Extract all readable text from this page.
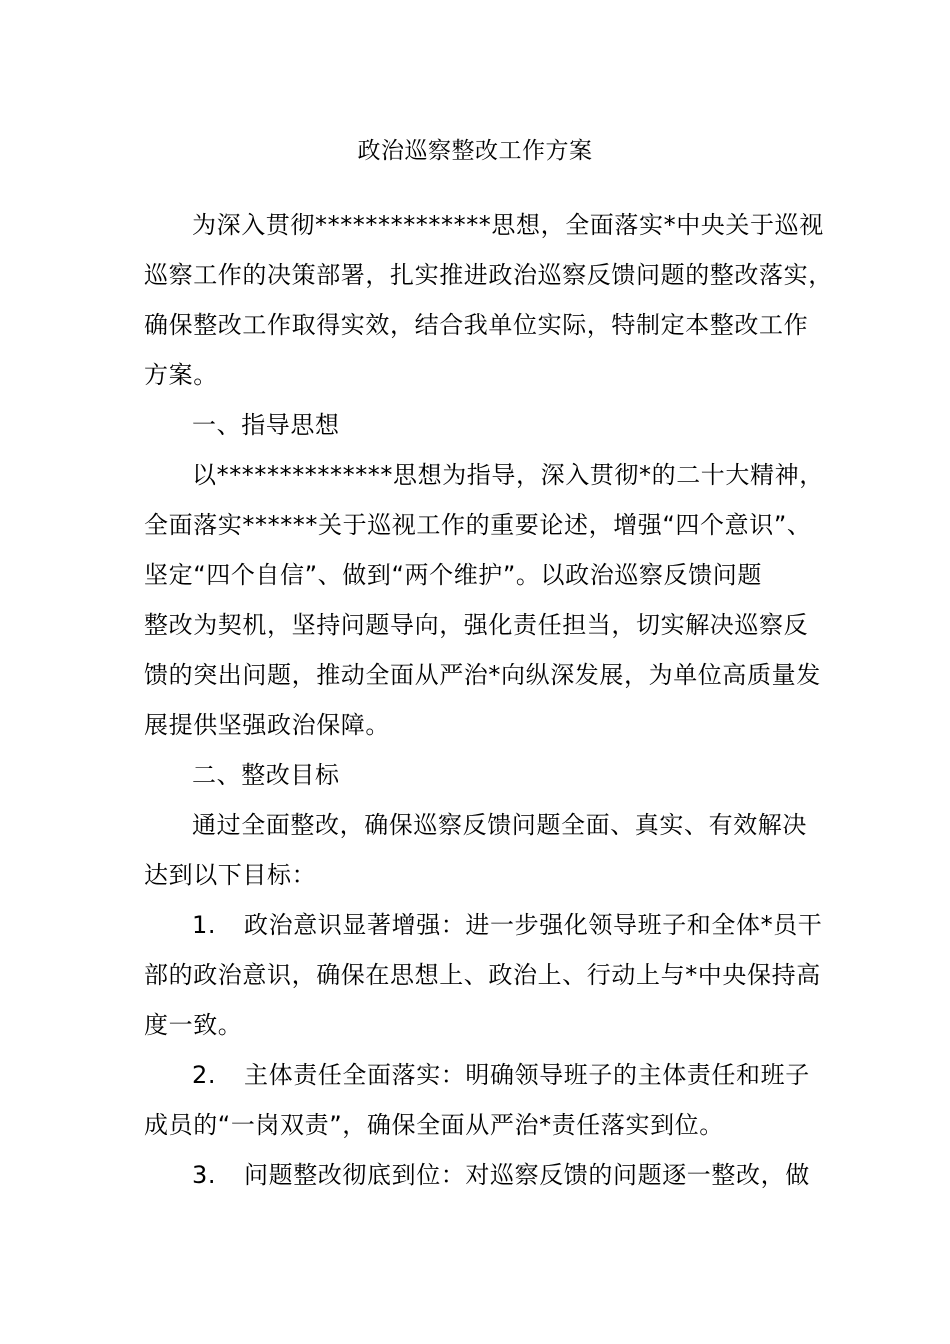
政治巡察整改工作方案
为深入贯彻**************思想，全面落实*中央关于巡视
巡察工作的决策部署，扎实推进政治巡察反馈问题的整改落实，
确保整改工作取得实效，结合我单位实际，特制定本整改工作
方案。
一、指导思想
以**************思想为指导，深入贯彻*的二十大精神，
全面落实******关于巡视工作的重要论述，增强“四个意识”、
坚定“四个自信”、做到“两个维护”。以政治巡察反馈问题
整改为契机，坚持问题导向，强化责任担当，切实解决巡察反
馈的突出问题，推动全面从严治*向纵深发展，为单位高质量发
展提供坚强政治保障。
二、整改目标
通过全面整改，确保巡察反馈问题全面、真实、有效解决
达到以下目标：
1. 政治意识显著增强：进一步强化领导班子和全体*员干
部的政治意识，确保在思想上、政治上、行动上与*中央保持高
度一致。
2. 主体责任全面落实：明确领导班子的主体责任和班子
成员的“一岗双责”，确保全面从严治*责任落实到位。
3. 问题整改彻底到位：对巡察反馈的问题逐一整改，做
